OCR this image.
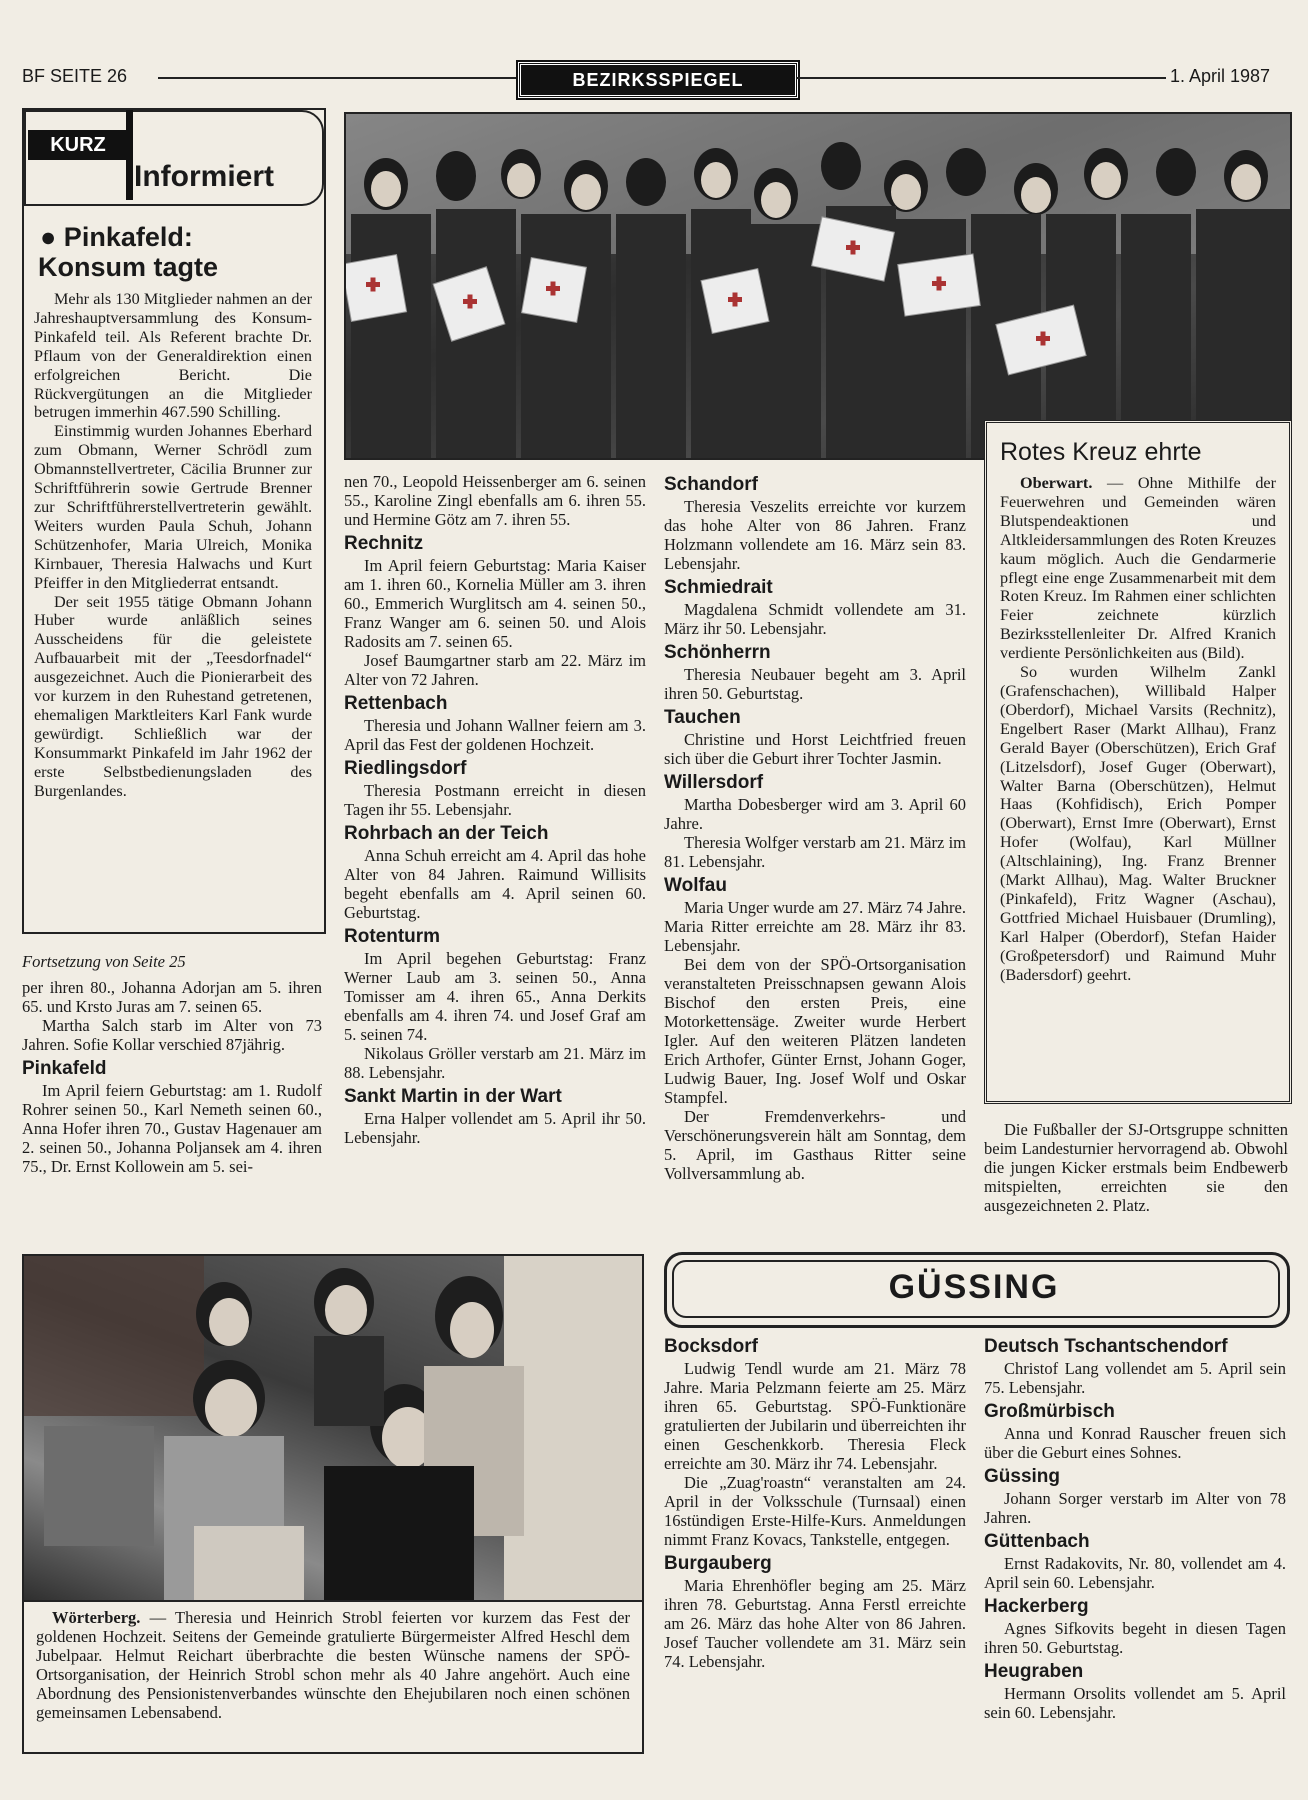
BF SEITE 26	BEZIRKSSPIEGEL	1. April 1987
KURZ
Informiert
● Pinkafeld:
Konsum tagte

Mehr als 130 Mitglieder nahmen an der Jahreshauptversammlung des Konsum-Pinkafeld teil. Als Referent brachte Dr. Pflaum von der Generaldirektion einen erfolgreichen Bericht. Die Rückvergütungen an die Mitglieder betrugen immerhin 467.590 Schilling.

Einstimmig wurden Johannes Eberhard zum Obmann, Werner Schrödl zum Obmannstellvertreter, Cäcilia Brunner zur Schriftführerin sowie Gertrude Brenner zur Schriftführerstellvertreterin gewählt. Weiters wurden Paula Schuh, Johann Schützenhofer, Maria Ulreich, Monika Kirnbauer, Theresia Halwachs und Kurt Pfeiffer in den Mitgliederrat entsandt.

Der seit 1955 tätige Obmann Johann Huber wurde anläßlich seines Ausscheidens für die geleistete Aufbauarbeit mit der „Teesdorfnadel“ ausgezeichnet. Auch die Pionierarbeit des vor kurzem in den Ruhestand getretenen, ehemaligen Marktleiters Karl Fank wurde gewürdigt. Schließlich war der Konsummarkt Pinkafeld im Jahr 1962 der erste Selbstbedienungsladen des Burgenlandes.

Fortsetzung von Seite 25

per ihren 80., Johanna Adorjan am 5. ihren 65. und Krsto Juras am 7. seinen 65.

Martha Salch starb im Alter von 73 Jahren. Sofie Kollar verschied 87jährig.

Pinkafeld

Im April feiern Geburtstag: am 1. Rudolf Rohrer seinen 50., Karl Nemeth seinen 60., Anna Hofer ihren 70., Gustav Hagenauer am 2. seinen 50., Johanna Poljansek am 4. ihren 75., Dr. Ernst Kollowein am 5. sei-

nen 70., Leopold Heissenberger am 6. seinen 55., Karoline Zingl ebenfalls am 6. ihren 55. und Hermine Götz am 7. ihren 55.

Rechnitz

Im April feiern Geburtstag: Maria Kaiser am 1. ihren 60., Kornelia Müller am 3. ihren 60., Emmerich Wurglitsch am 4. seinen 50., Franz Wanger am 6. seinen 50. und Alois Radosits am 7. seinen 65.

Josef Baumgartner starb am 22. März im Alter von 72 Jahren.

Rettenbach

Theresia und Johann Wallner feiern am 3. April das Fest der goldenen Hochzeit.

Riedlingsdorf

Theresia Postmann erreicht in diesen Tagen ihr 55. Lebensjahr.

Rohrbach an der Teich

Anna Schuh erreicht am 4. April das hohe Alter von 84 Jahren. Raimund Willisits begeht ebenfalls am 4. April seinen 60. Geburtstag.

Rotenturm

Im April begehen Geburtstag: Franz Werner Laub am 3. seinen 50., Anna Tomisser am 4. ihren 65., Anna Derkits ebenfalls am 4. ihren 74. und Josef Graf am 5. seinen 74.

Nikolaus Gröller verstarb am 21. März im 88. Lebensjahr.

Sankt Martin in der Wart

Erna Halper vollendet am 5. April ihr 50. Lebensjahr.

Schandorf

Theresia Veszelits erreichte vor kurzem das hohe Alter von 86 Jahren. Franz Holzmann vollendete am 16. März sein 83. Lebensjahr.

Schmiedrait

Magdalena Schmidt vollendete am 31. März ihr 50. Lebensjahr.

Schönherrn

Theresia Neubauer begeht am 3. April ihren 50. Geburtstag.

Tauchen

Christine und Horst Leichtfried freuen sich über die Geburt ihrer Tochter Jasmin.

Willersdorf

Martha Dobesberger wird am 3. April 60 Jahre.

Theresia Wolfger verstarb am 21. März im 81. Lebensjahr.

Wolfau

Maria Unger wurde am 27. März 74 Jahre. Maria Ritter erreichte am 28. März ihr 83. Lebensjahr.

Bei dem von der SPÖ-Ortsorganisation veranstalteten Preisschnapsen gewann Alois Bischof den ersten Preis, eine Motorkettensäge. Zweiter wurde Herbert Igler. Auf den weiteren Plätzen landeten Erich Arthofer, Günter Ernst, Johann Goger, Ludwig Bauer, Ing. Josef Wolf und Oskar Stampfel.

Der Fremdenverkehrs- und Verschönerungsverein hält am Sonntag, dem 5. April, im Gasthaus Ritter seine Vollversammlung ab.

Rotes Kreuz ehrte

Oberwart. — Ohne Mithilfe der Feuerwehren und Gemeinden wären Blutspendeaktionen und Altkleidersammlungen des Roten Kreuzes kaum möglich. Auch die Gendarmerie pflegt eine enge Zusammenarbeit mit dem Roten Kreuz. Im Rahmen einer schlichten Feier zeichnete kürzlich Bezirksstellenleiter Dr. Alfred Kranich verdiente Persönlichkeiten aus (Bild).

So wurden Wilhelm Zankl (Grafenschachen), Willibald Halper (Oberdorf), Michael Varsits (Rechnitz), Engelbert Raser (Markt Allhau), Franz Gerald Bayer (Oberschützen), Erich Graf (Litzelsdorf), Josef Guger (Oberwart), Walter Barna (Oberschützen), Helmut Haas (Kohfidisch), Erich Pomper (Oberwart), Ernst Imre (Oberwart), Ernst Hofer (Wolfau), Karl Müllner (Altschlaining), Ing. Franz Brenner (Markt Allhau), Mag. Walter Bruckner (Pinkafeld), Fritz Wagner (Aschau), Gottfried Michael Huisbauer (Drumling), Karl Halper (Oberdorf), Stefan Haider (Großpetersdorf) und Raimund Muhr (Badersdorf) geehrt.

Die Fußballer der SJ-Ortsgruppe schnitten beim Landesturnier hervorragend ab. Obwohl die jungen Kicker erstmals beim Endbewerb mitspielten, erreichten sie den ausgezeichneten 2. Platz.

Wörterberg. — Theresia und Heinrich Strobl feierten vor kurzem das Fest der goldenen Hochzeit. Seitens der Gemeinde gratulierte Bürgermeister Alfred Heschl dem Jubelpaar. Helmut Reichart überbrachte die besten Wünsche namens der SPÖ-Ortsorganisation, der Heinrich Strobl schon mehr als 40 Jahre angehört. Auch eine Abordnung des Pensionistenverbandes wünschte den Ehejubilaren noch einen schönen gemeinsamen Lebensabend.
GÜSSING
Bocksdorf

Ludwig Tendl wurde am 21. März 78 Jahre. Maria Pelzmann feierte am 25. März ihren 65. Geburtstag. SPÖ-Funktionäre gratulierten der Jubilarin und überreichten ihr einen Geschenkkorb. Theresia Fleck erreichte am 30. März ihr 74. Lebensjahr.

Die „Zuag'roastn“ veranstalten am 24. April in der Volksschule (Turnsaal) einen 16stündigen Erste-Hilfe-Kurs. Anmeldungen nimmt Franz Kovacs, Tankstelle, entgegen.

Burgauberg

Maria Ehrenhöfler beging am 25. März ihren 78. Geburtstag. Anna Ferstl erreichte am 26. März das hohe Alter von 86 Jahren. Josef Taucher vollendete am 31. März sein 74. Lebensjahr.

Deutsch Tschantschendorf

Christof Lang vollendet am 5. April sein 75. Lebensjahr.

Großmürbisch

Anna und Konrad Rauscher freuen sich über die Geburt eines Sohnes.

Güssing

Johann Sorger verstarb im Alter von 78 Jahren.

Güttenbach

Ernst Radakovits, Nr. 80, vollendet am 4. April sein 60. Lebensjahr.

Hackerberg

Agnes Sifkovits begeht in diesen Tagen ihren 50. Geburtstag.

Heugraben

Hermann Orsolits vollendet am 5. April sein 60. Lebensjahr.
